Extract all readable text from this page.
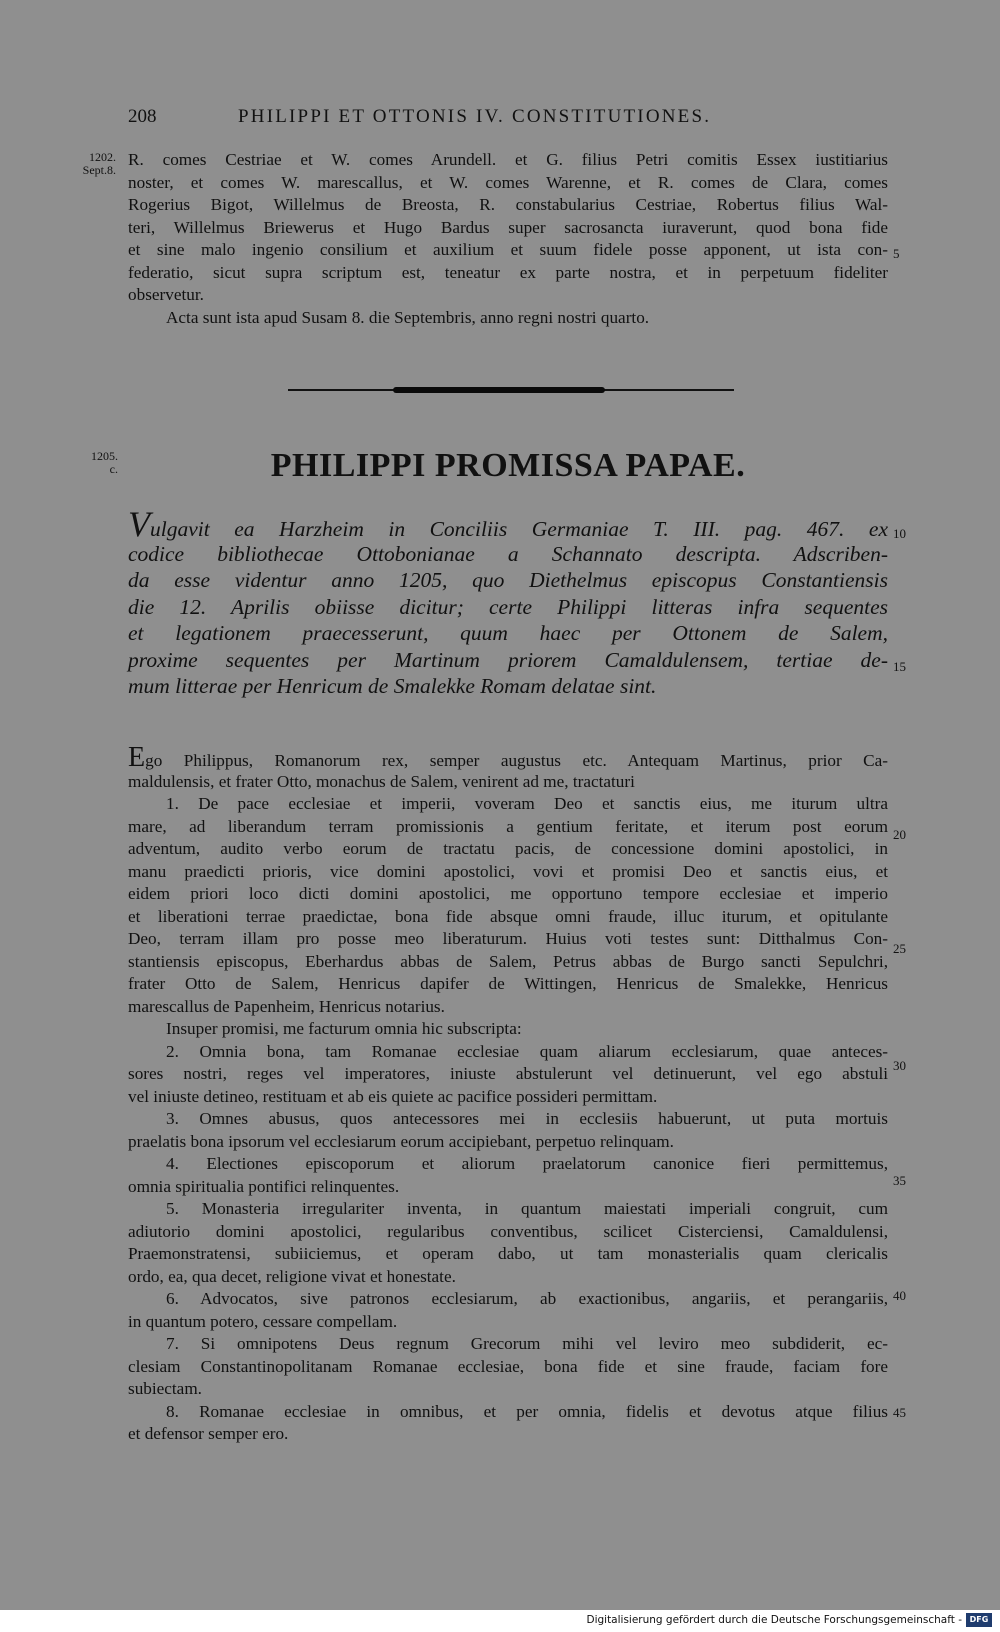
208	PHILIPPI ET OTTONIS IV. CONSTITUTIONES.
1202.
Sept.8.
R. comes Cestriae et W. comes Arundell. et G. filius Petri comitis Essex iustitiarius
noster, et comes W. marescallus, et W. comes Warenne, et R. comes de Clara, comes
Rogerius Bigot, Willelmus de Breosta, R. constabularius Cestriae, Robertus filius Wal-
teri, Willelmus Briewerus et Hugo Bardus super sacrosancta iuraverunt, quod bona fide
et sine malo ingenio consilium et auxilium et suum fidele posse apponent, ut ista con-
federatio, sicut supra scriptum est, teneatur ex parte nostra, et in perpetuum fideliter
observetur.
Acta sunt ista apud Susam 8. die Septembris, anno regni nostri quarto.
5
1205.
c.	PHILIPPI PROMISSA PAPAE.
Vulgavit ea Harzheim in Conciliis Germaniae T. III. pag. 467. ex
codice bibliothecae Ottobonianae a Schannato descripta. Adscriben-
da esse videntur anno 1205, quo Diethelmus episcopus Constantiensis
die 12. Aprilis obiisse dicitur; certe Philippi litteras infra sequentes
et legationem praecesserunt, quum haec per Ottonem de Salem,
proxime sequentes per Martinum priorem Camaldulensem, tertiae de-
mum litterae per Henricum de Smalekke Romam delatae sint.
10
15
Ego Philippus, Romanorum rex, semper augustus etc. Antequam Martinus, prior Ca-
maldulensis, et frater Otto, monachus de Salem, venirent ad me, tractaturi
1. De pace ecclesiae et imperii, voveram Deo et sanctis eius, me iturum ultra
mare, ad liberandum terram promissionis a gentium feritate, et iterum post eorum
adventum, audito verbo eorum de tractatu pacis, de concessione domini apostolici, in
manu praedicti prioris, vice domini apostolici, vovi et promisi Deo et sanctis eius, et
eidem priori loco dicti domini apostolici, me opportuno tempore ecclesiae et imperio
et liberationi terrae praedictae, bona fide absque omni fraude, illuc iturum, et opitulante
Deo, terram illam pro posse meo liberaturum. Huius voti testes sunt: Ditthalmus Con-
stantiensis episcopus, Eberhardus abbas de Salem, Petrus abbas de Burgo sancti Sepulchri,
frater Otto de Salem, Henricus dapifer de Wittingen, Henricus de Smalekke, Henricus
marescallus de Papenheim, Henricus notarius.
Insuper promisi, me facturum omnia hic subscripta:
2. Omnia bona, tam Romanae ecclesiae quam aliarum ecclesiarum, quae anteces-
sores nostri, reges vel imperatores, iniuste abstulerunt vel detinuerunt, vel ego abstuli
vel iniuste detineo, restituam et ab eis quiete ac pacifice possideri permittam.
3. Omnes abusus, quos antecessores mei in ecclesiis habuerunt, ut puta mortuis
praelatis bona ipsorum vel ecclesiarum eorum accipiebant, perpetuo relinquam.
4. Electiones episcoporum et aliorum praelatorum canonice fieri permittemus,
omnia spiritualia pontifici relinquentes.
5. Monasteria irregulariter inventa, in quantum maiestati imperiali congruit, cum
adiutorio domini apostolici, regularibus conventibus, scilicet Cisterciensi, Camaldulensi,
Praemonstratensi, subiiciemus, et operam dabo, ut tam monasterialis quam clericalis
ordo, ea, qua decet, religione vivat et honestate.
6. Advocatos, sive patronos ecclesiarum, ab exactionibus, angariis, et perangariis,
in quantum potero, cessare compellam.
7. Si omnipotens Deus regnum Grecorum mihi vel leviro meo subdiderit, ec-
clesiam Constantinopolitanam Romanae ecclesiae, bona fide et sine fraude, faciam fore
subiectam.
8. Romanae ecclesiae in omnibus, et per omnia, fidelis et devotus atque filius
et defensor semper ero.
20
25
30
35
40
45
Digitalisierung gefördert durch die Deutsche Forschungsgemeinschaft - DFG
